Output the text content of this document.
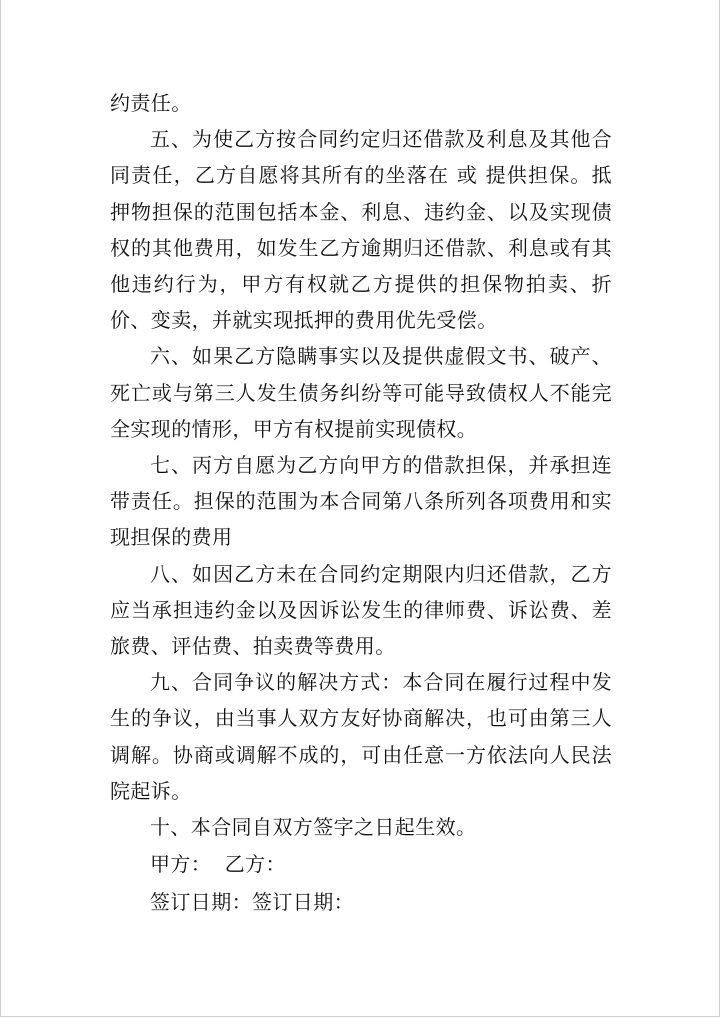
约责任。

五、为使乙方按合同约定归还借款及利息及其他合同责任，乙方自愿将其所有的坐落在 或 提供担保。抵押物担保的范围包括本金、利息、违约金、以及实现债权的其他费用，如发生乙方逾期归还借款、利息或有其他违约行为，甲方有权就乙方提供的担保物拍卖、折价、变卖，并就实现抵押的费用优先受偿。

六、如果乙方隐瞒事实以及提供虚假文书、破产、死亡或与第三人发生债务纠纷等可能导致债权人不能完全实现的情形，甲方有权提前实现债权。

七、丙方自愿为乙方向甲方的借款担保，并承担连带责任。担保的范围为本合同第八条所列各项费用和实现担保的费用

八、如因乙方未在合同约定期限内归还借款，乙方应当承担违约金以及因诉讼发生的律师费、诉讼费、差旅费、评估费、拍卖费等费用。

九、合同争议的解决方式：本合同在履行过程中发生的争议，由当事人双方友好协商解决，也可由第三人调解。协商或调解不成的，可由任意一方依法向人民法院起诉。

十、本合同自双方签字之日起生效。

甲方：  乙方：

签订日期：签订日期：
